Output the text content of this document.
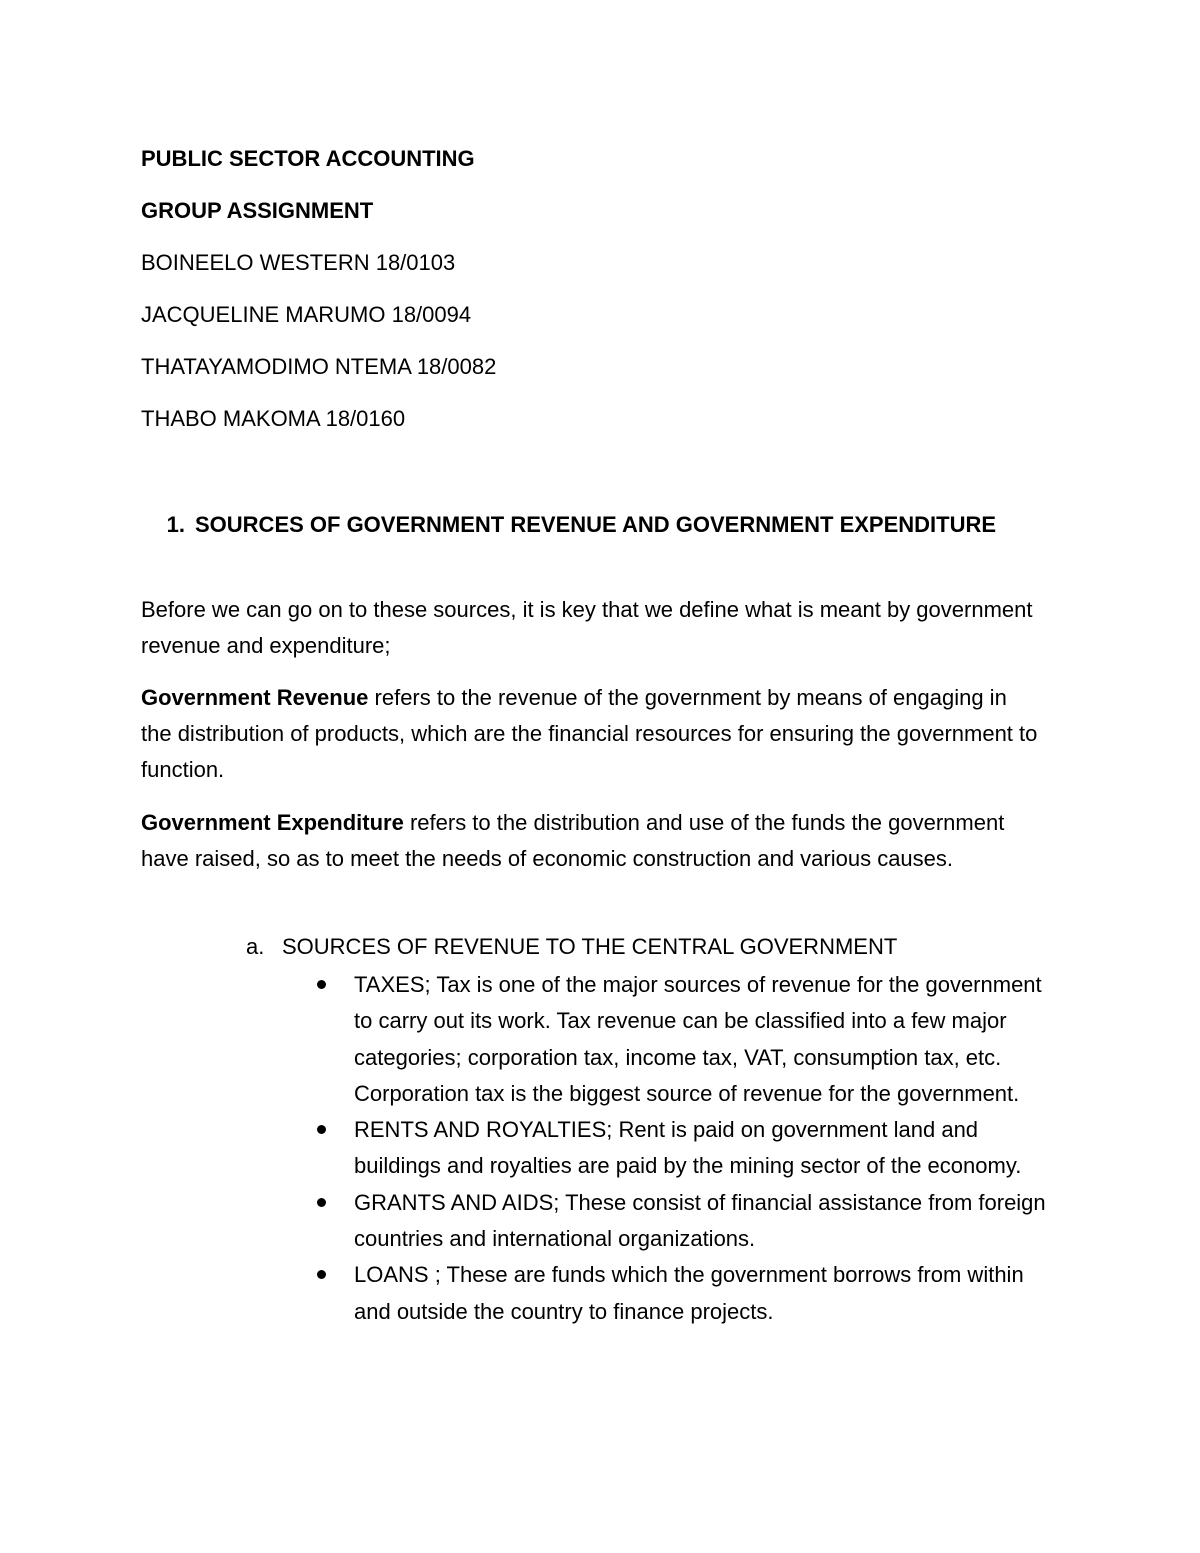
PUBLIC SECTOR ACCOUNTING
GROUP ASSIGNMENT
BOINEELO WESTERN 18/0103
JACQUELINE MARUMO 18/0094
THATAYAMODIMO NTEMA 18/0082
THABO MAKOMA 18/0160
1. SOURCES OF GOVERNMENT REVENUE AND GOVERNMENT EXPENDITURE

Before we can go on to these sources, it is key that we define what is meant by government revenue and expenditure;

Government Revenue refers to the revenue of the government by means of engaging in the distribution of products, which are the financial resources for ensuring the government to function.

Government Expenditure refers to the distribution and use of the funds the government have raised, so as to meet the needs of economic construction and various causes.

a. SOURCES OF REVENUE TO THE CENTRAL GOVERNMENT
TAXES; Tax is one of the major sources of revenue for the government to carry out its work. Tax revenue can be classified into a few major categories; corporation tax, income tax, VAT, consumption tax, etc. Corporation tax is the biggest source of revenue for the government.
RENTS AND ROYALTIES; Rent is paid on government land and buildings and royalties are paid by the mining sector of the economy.
GRANTS AND AIDS; These consist of financial assistance from foreign countries and international organizations.
LOANS ; These are funds which the government borrows from within and outside the country to finance projects.
